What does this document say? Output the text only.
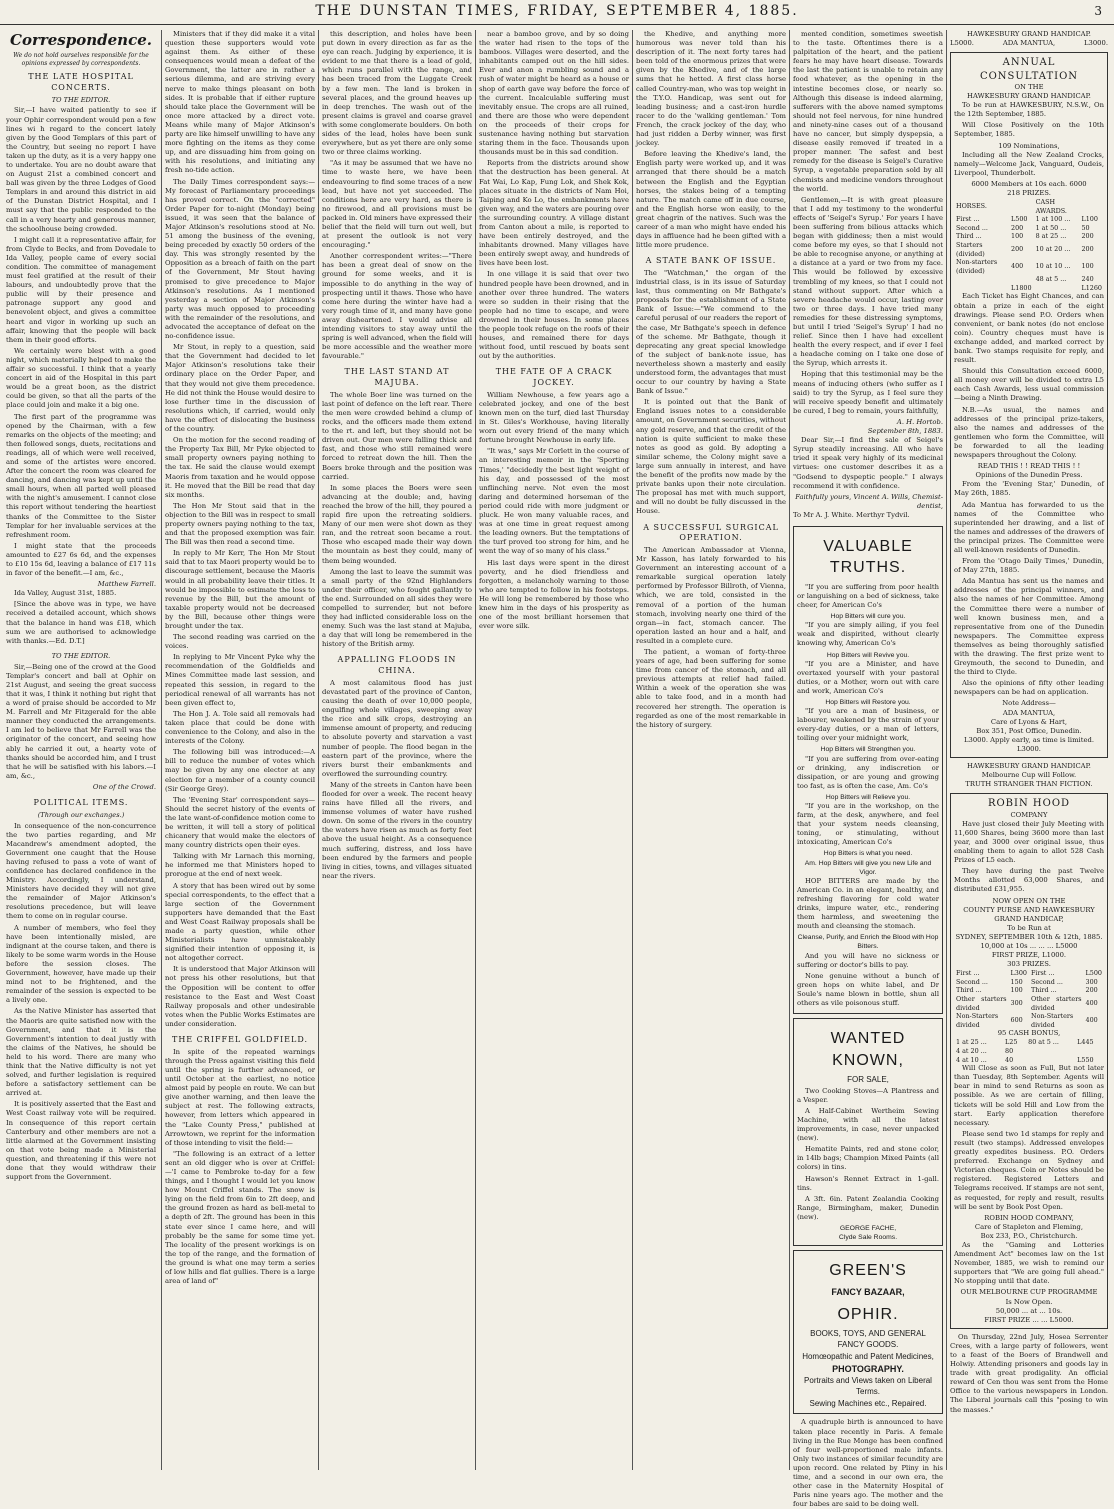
THE DUNSTAN TIMES, FRIDAY, SEPTEMBER 4, 1885.	3
Correspondence.
We do not hold ourselves responsible for the opinions expressed by correspondents.
THE LATE HOSPITAL CONCERTS.
TO THE EDITOR.

Sir,—I have waited patiently to see if your Ophir correspondent would pen a few lines wi h regard to the concert lately given by the Good Templars of this part of the Country, but seeing no report I have taken up the duty, as it is a very happy one to undertake. You are no doubt aware that on August 21st a combined concert and ball was given by the three Lodges of Good Templars in and around this district in aid of the Dunstan District Hospital, and I must say that the public responded to the call in a very hearty and generous manner, the schoolhouse being crowded.

I might call it a representative affair, for from Clyde to Becks, and from Dovedale to Ida Valley, people came of every social condition. The committee of management must feel gratified at the result of their labours, and undoubtedly prove that the public will by their presence and patronage support any good and benevolent object, and gives a committee heart and vigor in working up such an affair, knowing that the people will back them in their good efforts.

We certainly were blest with a good night, which materially helped to make the affair so successful. I think that a yearly concert in aid of the Hospital in this part would be a great boon, as the district could be given, so that all the parts of the place could join and make it a big one.

The first part of the programme was opened by the Chairman, with a few remarks on the objects of the meeting; and then followed songs, duets, recitations and readings, all of which were well received, and some of the artistes were encored. After the concert the room was cleared for dancing, and dancing was kept up until the small hours, when all parted well pleased with the night's amusement. I cannot close this report without tendering the heartiest thanks of the Committee to the Sister Templar for her invaluable services at the refreshment room.

I might state that the proceeds amounted to £27 6s 6d, and the expenses to £10 15s 6d, leaving a balance of £17 11s in favor of the benefit.—I am, &c.,

Matthew Farrell.

Ida Valley, August 31st, 1885.

[Since the above was in type, we have received a detailed account, which shows that the balance in hand was £18, which sum we are authorised to acknowledge with thanks.—Ed. D.T.]

TO THE EDITOR.

Sir,—Being one of the crowd at the Good Templar's concert and ball at Ophir on 21st August, and seeing the great success that it was, I think it nothing but right that a word of praise should be accorded to Mr M. Farrell and Mr Fitzgerald for the able manner they conducted the arrangements. I am led to believe that Mr Farrell was the originator of the concert, and seeing how ably he carried it out, a hearty vote of thanks should be accorded him, and I trust that he will be satisfied with his labors.—I am, &c.,

One of the Crowd.
POLITICAL ITEMS.
(Through our exchanges.)

In consequence of the non-concurrence the two parties regarding, and Mr Macandrew's amendment adopted, the Government one caught that the House having refused to pass a vote of want of confidence has declared confidence in the Ministry. Accordingly, I understand, Ministers have decided they will not give the remainder of Major Atkinson's resolutions precedence, but will leave them to come on in regular course.

A number of members, who feel they have been intentionally misled, are indignant at the course taken, and there is likely to be some warm words in the House before the session closes. The Government, however, have made up their mind not to be frightened, and the remainder of the session is expected to be a lively one.

As the Native Minister has asserted that the Maoris are quite satisfied now with the Government, and that it is the Government's intention to deal justly with the claims of the Natives, he should be held to his word. There are many who think that the Native difficulty is not yet solved, and further legislation is required before a satisfactory settlement can be arrived at.

It is positively asserted that the East and West Coast railway vote will be required. In consequence of this report certain Canterbury and other members are not a little alarmed at the Government insisting on that vote being made a Ministerial question, and threatening if this were not done that they would withdraw their support from the Government.

Ministers that if they did make it a vital question these supporters would vote against them. As either of these consequences would mean a defeat of the Government, the latter are in rather a serious dilemma, and are striving every nerve to make things pleasant on both sides. It is probable that if either rupture should take place the Government will be once more attacked by a direct vote. Means while many of Major Atkinson's party are like himself unwilling to have any more fighting on the items as they come up, and are dissuading him from going on with his resolutions, and initiating any fresh no-tide action.

The Daily Times correspondent says:—My forecast of Parliamentary proceedings has proved correct. On the "corrected" Order Paper for to-night (Monday) being issued, it was seen that the balance of Major Atkinson's resolutions stood at No. 51 among the business of the evening, being preceded by exactly 50 orders of the day. This was strongly resented by the Opposition as a breach of faith on the part of the Government, Mr Stout having promised to give precedence to Major Atkinson's resolutions. As I mentioned yesterday a section of Major Atkinson's party was much opposed to proceeding with the remainder of the resolutions, and advocated the acceptance of defeat on the no-confidence issue.

Mr Stout, in reply to a question, said that the Government had decided to let Major Atkinson's resolutions take their ordinary place on the Order Paper, and that they would not give them precedence. He did not think the House would desire to lose further time in the discussion of resolutions which, if carried, would only have the effect of dislocating the business of the country.

On the motion for the second reading of the Property Tax Bill, Mr Pyke objected to small property owners paying nothing to the tax. He said the clause would exempt Maoris from taxation and he would oppose it. He moved that the Bill be read that day six months.

The Hon Mr Stout said that in the objection to the Bill was in respect to small property owners paying nothing to the tax, and that the proposed exemption was fair. The Bill was then read a second time.

In reply to Mr Kerr, The Hon Mr Stout said that to tax Maori property would be to discourage settlement, because the Maoris would in all probability leave their titles. It would be impossible to estimate the loss to revenue by the Bill, but the amount of taxable property would not be decreased by the Bill, because other things were brought under the tax.

The second reading was carried on the voices.

In replying to Mr Vincent Pyke why the recommendation of the Goldfields and Mines Committee made last session, and repeated this session, in regard to the periodical renewal of all warrants has not been given effect to,

The Hon J. A. Tole said all removals had taken place that could be done with convenience to the Colony, and also in the interests of the Colony.

The following bill was introduced:—A bill to reduce the number of votes which may be given by any one elector at any election for a member of a county council (Sir George Grey).

The 'Evening Star' correspondent says—Should the secret history of the events of the late want-of-confidence motion come to be written, it will tell a story of political chicanery that would make the electors of many country districts open their eyes.

Talking with Mr Larnach this morning, he informed me that Ministers hoped to prorogue at the end of next week.

A story that has been wired out by some special correspondents, to the effect that a large section of the Government supporters have demanded that the East and West Coast Railway proposals shall be made a party question, while other Ministerialists have unmistakeably signified their intention of opposing it, is not altogether correct.

It is understood that Major Atkinson will not press his other resolutions, but that the Opposition will be content to offer resistance to the East and West Coast Railway proposals and other undesirable votes when the Public Works Estimates are under consideration.

THE CRIFFEL GOLDFIELD.

In spite of the repeated warnings through the Press against visiting this field until the spring is further advanced, or until October at the earliest, no notice almost paid by people en route. We can but give another warning, and then leave the subject at rest. The following extracts, however, from letters which appeared in the "Lake County Press," published at Arrowtown, we reprint for the information of those intending to visit the field:—

"The following is an extract of a letter sent an old digger who is over at Criffel:—'I came to Pembroke to-day for a few things, and I thought I would let you know how Mount Criffel stands. The snow is lying on the field from 6in to 2ft deep, and the ground frozen as hard as bell-metal to a depth of 2ft. The ground has been in this state ever since I came here, and will probably be the same for some time yet. The locality of the present workings is on the top of the range, and the formation of the ground is what one may term a series of low hills and flat gullies. There is a large area of land of"

this description, and holes have been put down in every direction as far as the eye can reach. Judging by experience, it is evident to me that there is a lead of gold, which runs parallel with the range, and has been traced from the Luggate Creek by a few men. The land is broken in several places, and the ground heaves up in deep trenches. The wash out of the present claims is gravel and coarse gravel with some conglomerate boulders. On both sides of the lead, holes have been sunk everywhere, but as yet there are only some two or three claims working.

"As it may be assumed that we have no time to waste here, we have been endeavouring to find some traces of a new lead, but have not yet succeeded. The conditions here are very hard, as there is no firewood, and all provisions must be packed in. Old miners have expressed their belief that the field will turn out well, but at present the outlook is not very encouraging."

Another correspondent writes:—"There has been a great deal of snow on the ground for some weeks, and it is impossible to do anything in the way of prospecting until it thaws. Those who have come here during the winter have had a very rough time of it, and many have gone away disheartened. I would advise all intending visitors to stay away until the spring is well advanced, when the field will be more accessible and the weather more favourable."

THE LAST STAND AT MAJUBA.

The whole Boer line was turned on the last point of defence on the left rear. There the men were crowded behind a clump of rocks, and the officers made them extend to the rt. and left, but they should not be driven out. Our men were falling thick and fast, and those who still remained were forced to retreat down the hill. Then the Boers broke through and the position was carried.

In some places the Boers were seen advancing at the double; and, having reached the brow of the hill, they poured a rapid fire upon the retreating soldiers. Many of our men were shot down as they ran, and the retreat soon became a rout. Those who escaped made their way down the mountain as best they could, many of them being wounded.

Among the last to leave the summit was a small party of the 92nd Highlanders under their officer, who fought gallantly to the end. Surrounded on all sides they were compelled to surrender, but not before they had inflicted considerable loss on the enemy. Such was the last stand at Majuba, a day that will long be remembered in the history of the British army.

APPALLING FLOODS IN CHINA.

A most calamitous flood has just devastated part of the province of Canton, causing the death of over 10,000 people, engulfing whole villages, sweeping away the rice and silk crops, destroying an immense amount of property, and reducing to absolute poverty and starvation a vast number of people. The flood began in the eastern part of the province, where the rivers burst their embankments and overflowed the surrounding country.

Many of the streets in Canton have been flooded for over a week. The recent heavy rains have filled all the rivers, and immense volumes of water have rushed down. On some of the rivers in the country the waters have risen as much as forty feet above the usual height. As a consequence much suffering, distress, and loss have been endured by the farmers and people living in cities, towns, and villages situated near the rivers.

near a bamboo grove, and by so doing the water had risen to the tops of the bamboos. Villages were deserted, and the inhabitants camped out on the hill sides. Ever and anon a rumbling sound and a rush of water might be heard as a house or shop of earth gave way before the force of the current. Incalculable suffering must inevitably ensue. The crops are all ruined, and there are those who were dependent on the proceeds of their crops for sustenance having nothing but starvation staring them in the face. Thousands upon thousands must be in this sad condition.

Reports from the districts around show that the destruction has been general. At Fat Wai, Lo Kap, Fung Lok, and Shek Kok, places situate in the districts of Nam Hoi, Taiping and Ko Lo, the embankments have given way, and the waters are pouring over the surrounding country. A village distant from Canton about a mile, is reported to have been entirely destroyed, and the inhabitants drowned. Many villages have been entirely swept away, and hundreds of lives have been lost.

In one village it is said that over two hundred people have been drowned, and in another over three hundred. The waters were so sudden in their rising that the people had no time to escape, and were drowned in their houses. In some places the people took refuge on the roofs of their houses, and remained there for days without food, until rescued by boats sent out by the authorities.

THE FATE OF A CRACK JOCKEY.

William Newhouse, a few years ago a celebrated jockey, and one of the best known men on the turf, died last Thursday in St. Giles's Workhouse, having literally worn out every friend of the many which fortune brought Newhouse in early life.

"It was," says Mr Corlett in the course of an interesting memoir in the 'Sporting Times,' "decidedly the best light weight of his day, and possessed of the most unflinching nerve. Not even the most daring and determined horseman of the period could ride with more judgment or pluck. He won many valuable races, and was at one time in great request among the leading owners. But the temptations of the turf proved too strong for him, and he went the way of so many of his class."

His last days were spent in the direst poverty, and he died friendless and forgotten, a melancholy warning to those who are tempted to follow in his footsteps. He will long be remembered by those who knew him in the days of his prosperity as one of the most brilliant horsemen that ever wore silk.

the Khedive, and anything more humorous was never told than his description of it. The next forty tares had been told of the enormous prizes that were given by the Khedive, and of the large sums that he hetted. A first class horse called Country-man, who was top weight in the T.Y.O. Handicap, was sent out for leading business; and a cast-iron hurdle racer to do the 'walking gentleman.' Tom French, the crack jockey of the day, who had just ridden a Derby winner, was first jockey.

Before leaving the Khedive's land, the English party were worked up, and it was arranged that there should be a match between the English and the Egyptian horses, the stakes being of a tempting nature. The match came off in due course, and the English horse won easily, to the great chagrin of the natives. Such was the career of a man who might have ended his days in affluence had he been gifted with a little more prudence.

A STATE BANK OF ISSUE.

The "Watchman," the organ of the industrial class, is in its issue of Saturday last, thus commenting on Mr Bathgate's proposals for the establishment of a State Bank of Issue:—"We commend to the careful perusal of our readers the report of the case, Mr Bathgate's speech in defence of the scheme. Mr Bathgate, though it deprecating any great special knowledge of the subject of bank-note issue, has nevertheless shown a masterly and easily understood form, the advantages that must occur to our country by having a State Bank of Issue."

It is pointed out that the Bank of England issues notes to a considerable amount, on Government securities, without any gold reserve, and that the credit of the nation is quite sufficient to make these notes as good as gold. By adopting a similar scheme, the Colony might save a large sum annually in interest, and have the benefit of the profits now made by the private banks upon their note circulation. The proposal has met with much support, and will no doubt be fully discussed in the House.

A SUCCESSFUL SURGICAL OPERATION.

The American Ambassador at Vienna, Mr Kasson, has lately forwarded to his Government an interesting account of a remarkable surgical operation lately performed by Professor Billroth, of Vienna, which, we are told, consisted in the removal of a portion of the human stomach, involving nearly one third of the organ—in fact, stomach cancer. The operation lasted an hour and a half, and resulted in a complete cure.

The patient, a woman of forty-three years of age, had been suffering for some time from cancer of the stomach, and all previous attempts at relief had failed. Within a week of the operation she was able to take food, and in a month had recovered her strength. The operation is regarded as one of the most remarkable in the history of surgery.

mented condition, sometimes sweetish to the taste. Oftentimes there is a palpitation of the heart, and the patient fears he may have heart disease. Towards the last the patient is unable to retain any food whatever, as the opening in the intestine becomes close, or nearly so. Although this disease is indeed alarming, sufferers with the above named symptoms should not feel nervous, for nine hundred and ninety-nine cases out of a thousand have no cancer, but simply dyspepsia, a disease easily removed if treated in a proper manner. The safest and best remedy for the disease is Seigel's Curative Syrup, a vegetable preparation sold by all chemists and medicine vendors throughout the world.

Gentlemen,—It is with great pleasure that I add my testimony to the wonderful effects of 'Seigel's Syrup.' For years I have been suffering from bilious attacks which began with giddiness; then a mist would come before my eyes, so that I should not be able to recognise anyone, or anything at a distance at a yard or two from my face. This would be followed by excessive trembling of my knees, so that I could not stand without support. After which a severe headache would occur, lasting over two or three days. I have tried many remedies for these distressing symptoms, but until I tried 'Seigel's Syrup' I had no relief. Since then I have had excellent health the every respect, and if ever I feel a headache coming on I take one dose of the Syrup, which arrests it.

Hoping that this testimonial may be the means of inducing others (who suffer as I said) to try the Syrup, as I feel sure they will receive speedy benefit and ultimately be cured, I beg to remain, yours faithfully,

A. H. Hortob.
September 8th, 1883.

Dear Sir,—I find the sale of Seigel's Syrup steadily increasing. All who have tried it speak very highly of its medicinal virtues: one customer describes it as a "Godsend to dyspeptic people." I always recommend it with confidence.

Faithfully yours, Vincent A. Wills, Chemist-dentist,
To Mr A. J. White. Merthyr Tydvil.
VALUABLE TRUTHS.

"If you are suffering from poor health or languishing on a bed of sickness, take cheer, for American Co's

Hop Bitters will cure you.

"If you are simply ailing, if you feel weak and dispirited, without clearly knowing why, American Co's

Hop Bitters will Revive you.

"If you are a Minister, and have overtaxed yourself with your pastoral duties, or a Mother, worn out with care and work, American Co's

Hop Bitters will Restore you.

"If you are a man of business, or labourer, weakened by the strain of your every-day duties, or a man of letters, toiling over your midnight work,

Hop Bitters will Strengthen you.

"If you are suffering from over-eating or drinking, any indiscretion or dissipation, or are young and growing too fast, as is often the case, Am. Co's

Hop Bitters will Relieve you.

"If you are in the workshop, on the farm, at the desk, anywhere, and feel that your system needs cleansing, toning, or stimulating, without intoxicating, American Co's

Hop Bitters is what you need.
Am. Hop Bitters will give you new Life and Vigor.

HOP BITTERS are made by the American Co. in an elegant, healthy, and refreshing flavoring for cold water drinks, impure water, etc., rendering them harmless, and sweetening the mouth and cleansing the stomach.

Cleanse, Purify, and Enrich the Blood with Hop Bitters.

And you will have no sickness or suffering or doctor's bills to pay.

None genuine without a bunch of green hops on white label, and Dr Soule's name blown in bottle, shun all others as vile poisonous stuff.

WANTED KNOWN,
FOR SALE,

Two Cooking Stoves—A Plantress and a Vesper.

A Half-Cabinet Wertheim Sewing Machine, with all the latest improvements, in case, never unpacked (new).

Hematite Paints, red and stone color, in 14lb bags; Champion Mixed Paints (all colors) in tins.

Hawson's Rennet Extract in 1-gall. tins.

A 3ft. 6in. Patent Zealandia Cooking Range, Birmingham, maker, Dunedin (new).

GEORGE FACHE,
Clyde Sale Rooms.
GREEN'S
FANCY BAZAAR,
OPHIR.
BOOKS, TOYS, AND GENERAL FANCY GOODS.
Homœopathic and Patent Medicines,
PHOTOGRAPHY.
Portraits and Views taken on Liberal Terms.
Sewing Machines etc., Repaired.

A quadruple birth is announced to have taken place recently in Paris. A female living in the Rue Monge has been confined of four well-proportioned male infants. Only two instances of similar fecundity are upon record. One related by Pliny in his time, and a second in our own era, the other case in the Maternity Hospital of Paris nine years ago. The mother and the four babes are said to be doing well.

HAWKESBURY GRAND HANDICAP.
L5000.	ADA MANTUA,	L3000.
ANNUAL CONSULTATION
ON THE
HAWKESBURY GRAND HANDICAP.

To be run at HAWKESBURY, N.S.W., On the 12th September, 1885.

Will Close Positively on the 10th September, 1885.

109 Nominations,

Including all the New Zealand Crocks, namely—Welcome Jack, Vanguard, Oudeis, Liverpool, Thunderbolt.

6000 Members at 10s each. 6000
218 PRIZES.
HORSES.		CASH AWARDS.	
First ...	L500	1 at 100 ...	L100
Second ...	200	1 at 50 ...	50
Third ...	100	8 at 25 ...	200
Starters (divided)	200	10 at 20 ...	200
Non-starters (divided)	400	10 at 10 ...	100
		48 at 5 ...	240
	L1800		L1260

Each Ticket has Eight Chances, and can obtain a prize in each of the eight drawings. Please send P.O. Orders when convenient, or bank notes (do not enclose coin). Country cheques must have is exchange added, and marked correct by bank. Two stamps requisite for reply, and result.

Should this Consultation exceed 6000, all money over will be divided to extra L5 each Cash Awards, less usual commission—being a Ninth Drawing.

N.B.—As usual, the names and addresses of the principal prize-takers, also the names and addresses of the gentlemen who form the Committee, will be forwarded to all the leading newspapers throughout the Colony.

READ THIS ! ! READ THIS ! !
Opinions of the Dunedin Press.

From the 'Evening Star,' Dunedin, of May 26th, 1885.

Ada Mantua has forwarded to us the names of the Committee who superintended her drawing, and a list of the names and addresses of the drawers of the principal prizes. The Committee were all well-known residents of Dunedin.

From the 'Otago Daily Times,' Dunedin, of May 27th, 1885.

Ada Mantua has sent us the names and addresses of the principal winners, and also the names of her Committee. Among the Committee there were a number of well known business men, and a representative from one of the Dunedin newspapers. The Committee express themselves as being thoroughly satisfied with the drawing. The first prize went to Greymouth, the second to Dunedin, and the third to Clyde.

Also the opinions of fifty other leading newspapers can be had on application.

Note Address—
ADA MANTUA,
Care of Lyons & Hart,
Box 351, Post Office, Dunedin.
L3000. Apply early, as time is limited. L3000.
HAWKESBURY GRAND HANDICAP.
Melbourne Cup will Follow.
TRUTH STRANGER THAN FICTION.
ROBIN HOOD
COMPANY

Have just closed their July Meeting with 11,600 Shares, being 3600 more than last year, and 3000 over original issue, thus enabling them to again to allot 528 Cash Prizes of L5 each.

They have during the past Twelve Months allotted 63,000 Shares, and distributed £31,955.

NOW OPEN ON THE
COUNTY PURSE AND HAWKESBURY GRAND HANDICAP,
To be Run at
SYDNEY, SEPTEMBER 10th & 12th, 1885.
10,000 at 10s ... ... ... L5000
FIRST PRIZE, L1000.
303 PRIZES.
First ...	L300	First ...	L500
Second ...	150	Second ...	300
Third ...	100	Third ...	200
Other starters divided	300	Other starters divided	400
Non-Starters divided	600	Non-Starters divided	400
95 CASH BONUS,
1 at 25 ...	L25	80 at 5 ...	L445
4 at 20 ...	80		
4 at 10 ...	40		L550

Will Close as soon as Full, But not later than Tuesday, 8th September. Agents will bear in mind to send Returns as soon as possible. As we are certain of filling, tickets will be sold Hill and Low from the start. Early application therefore necessary.

Please send two 1d stamps for reply and result (two stamps). Addressed envelopes greatly expedites business. P.O. Orders preferred. Exchange on Sydney and Victorian cheques. Coin or Notes should be registered. Registered Letters and Telegrams received. If stamps are not sent, as requested, for reply and result, results will be sent by Book Post Open.

ROBIN HOOD COMPANY,
Care of Stapleton and Fleming,
Box 233, P.O., Christchurch.

As the "Gaming and Lotteries Amendment Act" becomes law on the 1st November, 1885, we wish to remind our supporters that "We are going full ahead." No stopping until that date.

OUR MELBOURNE CUP PROGRAMME
Is Now Open.
50,000 ... at ... 10s.
FIRST PRIZE ... ... L5000.

On Thursday, 22nd July, Hosea Serrenter Crees, with a large party of followers, went to a feast of the Boers of Brandwell and Holwiy. Attending prisoners and goods lay in trade with great prodigality. An official reward of Cen thou was sent from the Home Office to the various newspapers in London. The Liberal journals call this "posing to win the masses."
